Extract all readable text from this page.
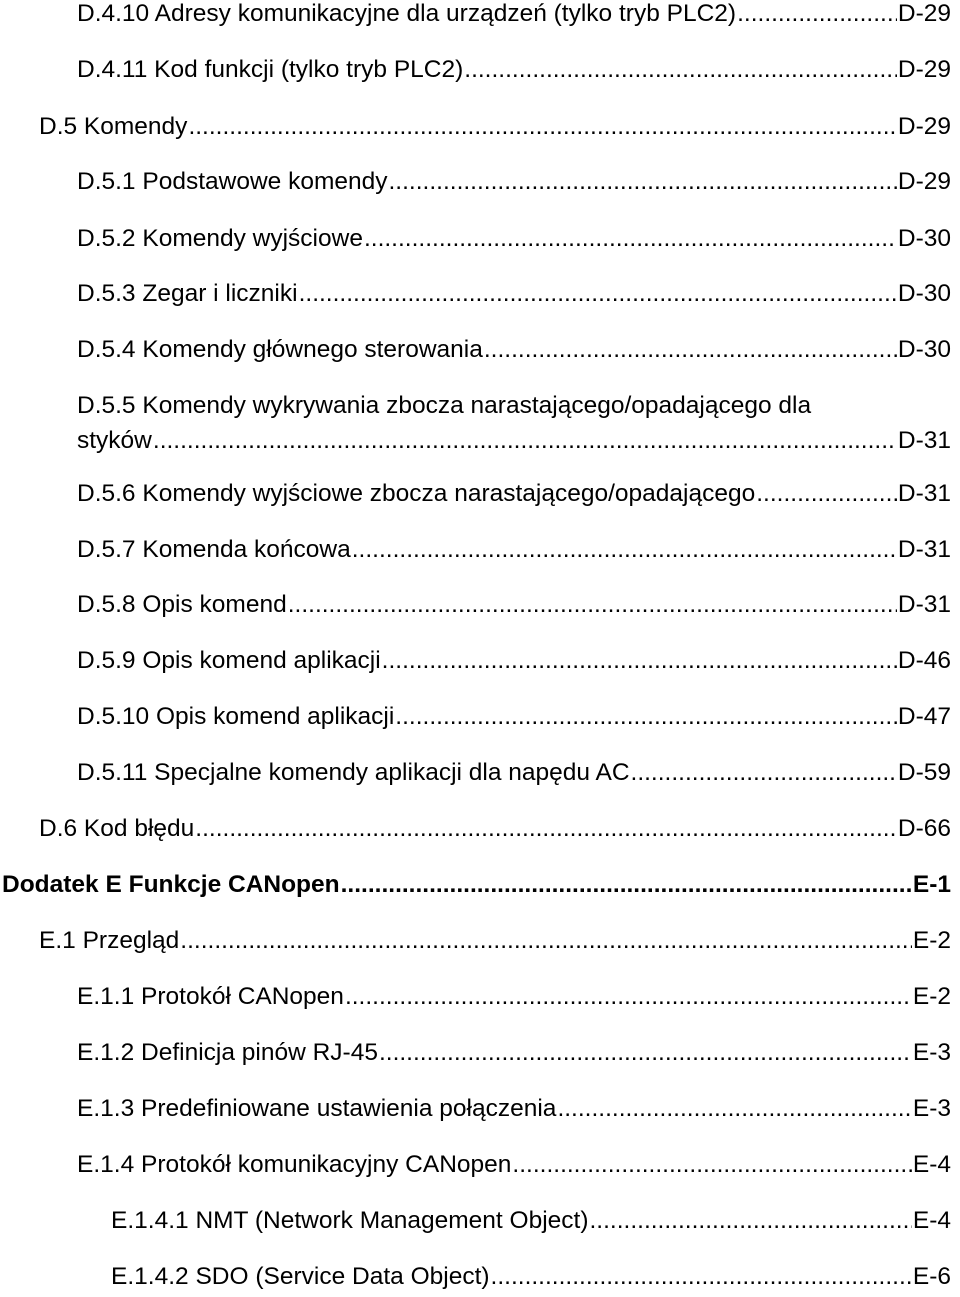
D.4.10 Adresy komunikacyjne dla urządzeń (tylko tryb PLC2) .....	D-29
D.4.11 Kod funkcji (tylko tryb PLC2) .....	D-29
D.5 Komendy .....	D-29
D.5.1 Podstawowe komendy .....	D-29
D.5.2 Komendy wyjściowe .....	D-30
D.5.3 Zegar i liczniki .....	D-30
D.5.4 Komendy głównego sterowania .....	D-30
D.5.5 Komendy wykrywania zbocza narastającego/opadającego dla
styków .....	D-31
D.5.6 Komendy wyjściowe zbocza narastającego/opadającego .....	D-31
D.5.7 Komenda końcowa .....	D-31
D.5.8 Opis komend .....	D-31
D.5.9 Opis komend aplikacji .....	D-46
D.5.10 Opis komend aplikacji .....	D-47
D.5.11 Specjalne komendy aplikacji dla napędu AC .....	D-59
D.6 Kod błędu .....	D-66
Dodatek E Funkcje CANopen .....	E-1
E.1 Przegląd .....	E-2
E.1.1 Protokół CANopen .....	E-2
E.1.2 Definicja pinów RJ-45 .....	E-3
E.1.3 Predefiniowane ustawienia połączenia .....	E-3
E.1.4 Protokół komunikacyjny CANopen .....	E-4
E.1.4.1 NMT (Network Management Object) .....	E-4
E.1.4.2 SDO (Service Data Object) .....	E-6
